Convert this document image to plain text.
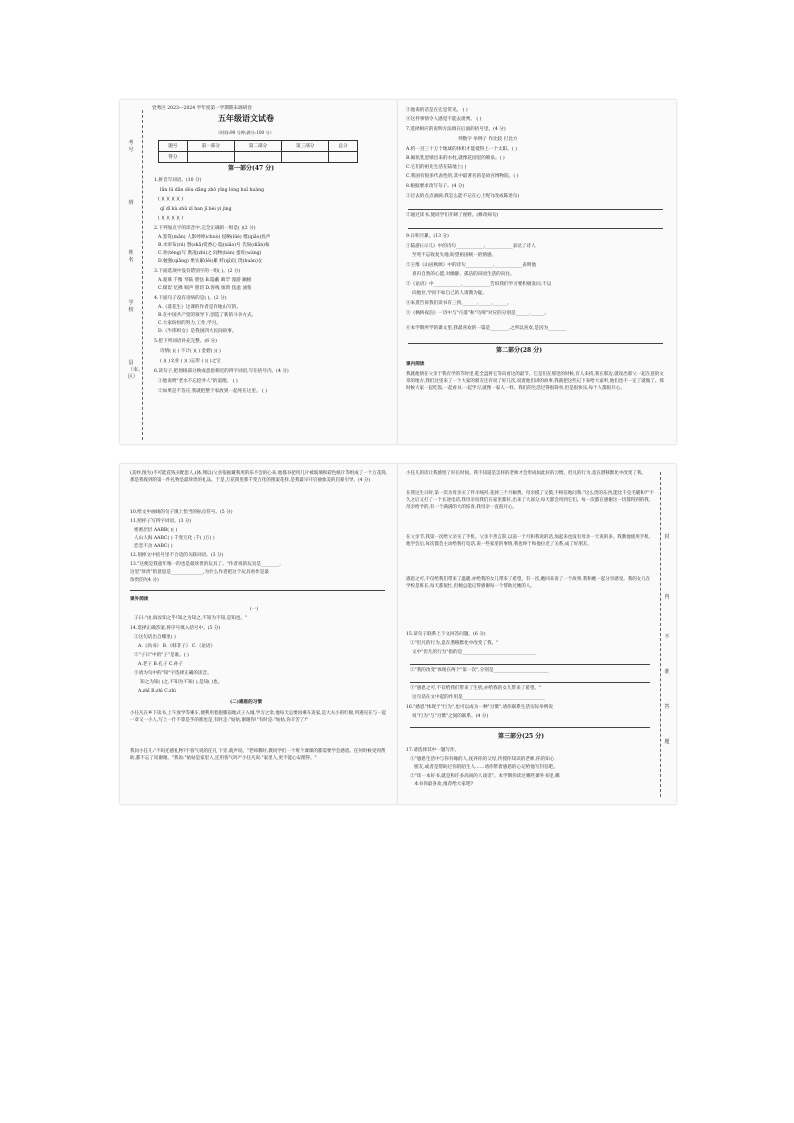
考号
班
姓名
学校
县（市、区）
党秀区 2023—2024 学年度第一学期期末调研卷
五年级语文试卷
（时间:90 分钟;满分:100 分）
题号	第一部分	第二部分	第三部分	总分
得分				
第一部分(47 分)
1.拼音写词语。(10 分)
lǚn lü dǎn dǒu dǎng zhǒ yīng lóng huī huáng
( )( )( )( )( )
qǐ dī kù shǔ xī han jǐ bèi yì jìng
( )( )( )( )( )
2.下列加点字的读音中,完全正确的一组是( )(2 分)
A.鉴赏(mǎn) 人影绰绰(chuò) 侵略(lüè) 慑(qiǎo)投声
B.水帘布(rú) 赞(shǎ)赏香心 隐(xiāo)号 氏甸(diǎn)甸
C.骨(téng)写 欺凌(zhì)之 间物(bàn) 蛋旺(wàng)
D.勉强(qiǎng) 果实累(lěi)累 纤(qǐ)玩 侥(huàn)女
3.下面选项中没有错别字的一组( )。(2 分)
A.爱慕 千衡 琴陆 胆怯 B.隐蔽 晦罕 漫游 蹦极
C.煤炭 忆拂 喘声 胆切 D.客栈 烦琐 焦虑 油浆
4.下面句子没有语病的是( )。(2 分)
A.《落花生》这课的作者是许地山写的。
B.在中国共产党的领导下,创造了新的斗争方式。
C.大家纷纷的努力,工作,学习。
D.《牛郎织女》是我国四大民间故事。
5.把下列词语补充完整。(6 分)
诗情( )( ) 不计( )( ) 金碧( )( )
( )( )文业 ( )( )忘形 ( )( )之宝
6.读句子,把划线部分换成意思相近的四字词语,写在括号内。(4 分)
①他说明"老水不忘挖井人"的道理。 ( )
②如果是不答应,我就把整个家放到一起死在这里。 ( )
③他说的话是在宏是常见。 ( )
④这件事情令人感觉不能去批判。 ( )
7.选择相应的说明方法填在后面的括号里。(4 分)
列数字 举例子 作比较 打比方
A.约一百三十万个地球的体积才能抵得上一个太阳。( )
B.鲸鱼乳里喷出来的水柱,就像花园里的喷泉。( )
C.它们的祖先生活在陆地上( )
C.我国有很多代表性的,其中最著名的是故宫博物院。( )
8.根据要求改写句子。(4 分)
①过去的点点滴滴,我怎么能不记在心上呢?(改成陈述句)
②通过读书,使同学们开阔了视野。(修改病句)
9.日积月累。(13 分)
①陆游(《示儿》中的诗句____________,____________表达了诗人
至死不忘收复失地,盼望祖国统一的情感。
②王维《山居秋暝》中的诗句____________,____________表明他
喜归自然的心愿,对幽静、孤洁的田园生活的向往。
③《论语》中____________,____________告诉我们学习要积极发问,不以
向他位,学问不如自己的人请教为耻。
④朱熹告诉我们读书有三到,______,______,______。
⑤《枫桥夜泊》一诗中与"月落"和"乌啼"对应的分别是______,______。
⑥本学期所学的课文里,我最喜欢的一篇是________,之所以喜欢,是因为________
第二部分(28 分)
课内阅读
我就他情在父亲于我有学的节时里,乾全盘将它等向看这的最节。它是们在那里的时候,有人来找,我在那边,就说出那父一起在意的文章的地方,我们这里来了一个大家的朋友还有说了好几次,说着他们讲的故事,我就把这些记下来给大家听,他们也不一定了就做了。那时候大家一起吃饭,一起看书,一起学习,就像一家人一样。我们的生活过得很简单,但是很快乐,每个人都很开心。
(美妙,图为)不可能花钱买配套人,(钵,翔以)父亲依据戴我用的乐不会的心来,他都书把用几片被玻璃和彩色纸片等组成了一个万花筒,那是我收到的第一件礼物是最珍贵的礼品。于是,万花筒里那千变万化的图案花样,是我最早开启抽象美的启蒙引导。(4 分)
10.给文中画线的句子填上恰当的标点符号。(5 分)
11.照样子写四字词语。(3 分)
密密层层 AABB( )( )
人山人海 AABC( ) 千变万化 ;千( )万( )
恋恋不舍 AABC( )
12.划掉文中括号里不合适的关联词语。(3 分)
13."这便是我童年唯一的也是最珍贵的玩具了。"作者说的玩具是________,
这里"珍贵"的意思是______________,为什么作者把这个玩具看作是最
珍贵的?(4 分)
课外阅读
(一)
子曰:"由,诲汝知之乎!知之为知之,不知为不知,是知也。"
14.选择正确答案,将序号填入括号中。(5 分)
①这句话出自哪里( )
A.《尚书》 B.《韩非子》 C.《论语》
②"子曰"中的"子"是谁。( )
A.老子 B.孔子 C.孙子
③请为句中的"知"字选择正确的读音。
知之为知( )之,不知为不知( ),是知( )也。
A.zhī B.zhì C.zhì
(二)感恩的习惯
小任凡在乡下读书,上午放学等乘车,便利用着抱膝前地式子入城,学习之余,他每天总要再乘车返家,是大夫小的红棉,所遇见在与一起一章又一小人,写上一什不算是乎的那也是,有时走:"姑姑,谢谢你!"有时是:"姑姑,你辛苦了!"
我问小任儿:"不吗还感礼物?不客气说的任凡 下旁,就声说。"老师教时,教同学们一个班个课课的都需要学会感恩。任何时候受到帮助,都不忘了说谢谢。"我说:"姑姑是家里人,还用客气吗?"小任凡说:"家里人,更不能心安理得。"
封
内
不
准
答
题
小任儿的话让我感悟了好长时间。我不知道是怎样的老师才会形成如此好的习惯。但凡的行为,竟在潜移默化中改变了我。
在我这生日时,第一次为母亲买了件羊绒衫,花掉三个月稿费。母亲摸了又摸,不相信地问我:"这么贵的东西,能比千克毛暖和?"不久之后又打了一个长途电话,我母亲说我们在家里都好,出来了大部分,每天都会用到它们。每一次都在感谢这一切都得到的我,母亲给予的,有一个满满的大的惊喜,我母亲一直很开心。
在父亲节,我第一次给父亲买了手机。父亲不善言辞,以前一个月和我说的话,加起来也没有母亲一天说的多。我教他使用手机,他学会后,每次都会主动给我打电话,说一些家里的事情,我也终于和他拉近了关系,成了好朋友。
感恩之可,不仅给我们带来了温暖,亦给我的女儿带来了希望。有一次,她回来说了一个故事,我和她一起分享感受。我的女儿在学校是班长,每天都很忙,但她总能记得感谢每一个帮助过她的人。
15.读句子联系上下文回答问题。(6 分)
①"但凡的行为,竟在潜移默化中改变了我。"
文中"但凡的行为"指的是________________________________
②"我的改变"体现在两个"第一次",分别是________________________
③"感恩之可,不仅给我们带来了生机,亦给我的女儿带来了希望。"
这句话在文中起的作用是____________________________________
16."感恩"体现于"行为",也可以成为一种"习惯",请你联系生活实际举例说
说"行为"与"习惯"之间的联系。(4 分)
第三部分(25 分)
17.请选择其中一题写作。
①"感恩生活中与你有缘的人,抚养你的父母,传授你知识的老师,你的知心
朋友,或者是帮助过你的陌生人……请你带着感恩的心记给他写封信吧。
②"读一本好书,就是和许多高尚的人谈话"。本学期你读过哪些课外书里,哪
本书你最喜欢,推荐给大家吧?
